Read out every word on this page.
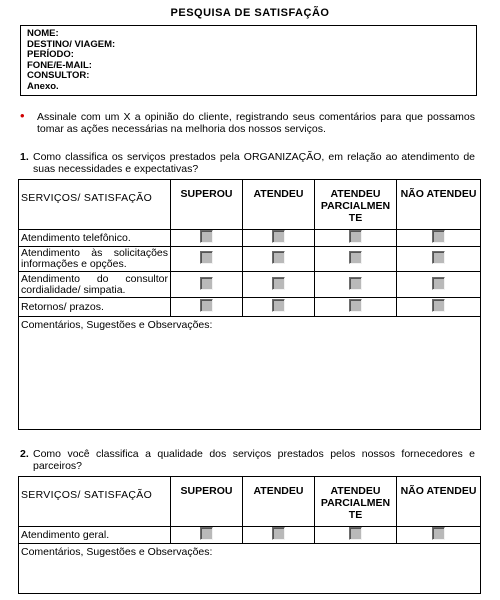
PESQUISA DE SATISFAÇÃO
NOME:
DESTINO/ VIAGEM:
PERÍODO:
FONE/E-MAIL:
CONSULTOR:
Anexo.
•	Assinale com um X a opinião do cliente, registrando seus comentários para que possamos tomar as ações necessárias na melhoria dos nossos serviços.
1. Como classifica os serviços prestados pela ORGANIZAÇÃO, em relação ao atendimento de suas necessidades e expectativas?
SERVIÇOS/ SATISFAÇÃO	SUPEROU	ATENDEU	ATENDEU PARCIALMEN TE	NÃO ATENDEU
Atendimento telefônico.				
Atendimento às solicitações informações e opções.				
Atendimento do consultor cordialidade/ simpatia.				
Retornos/ prazos.				
Comentários, Sugestões e Observações:				
2. Como você classifica a qualidade dos serviços prestados pelos nossos fornecedores e parceiros?
SERVIÇOS/ SATISFAÇÃO	SUPEROU	ATENDEU	ATENDEU PARCIALMEN TE	NÃO ATENDEU
Atendimento geral.				
Comentários, Sugestões e Observações:				
